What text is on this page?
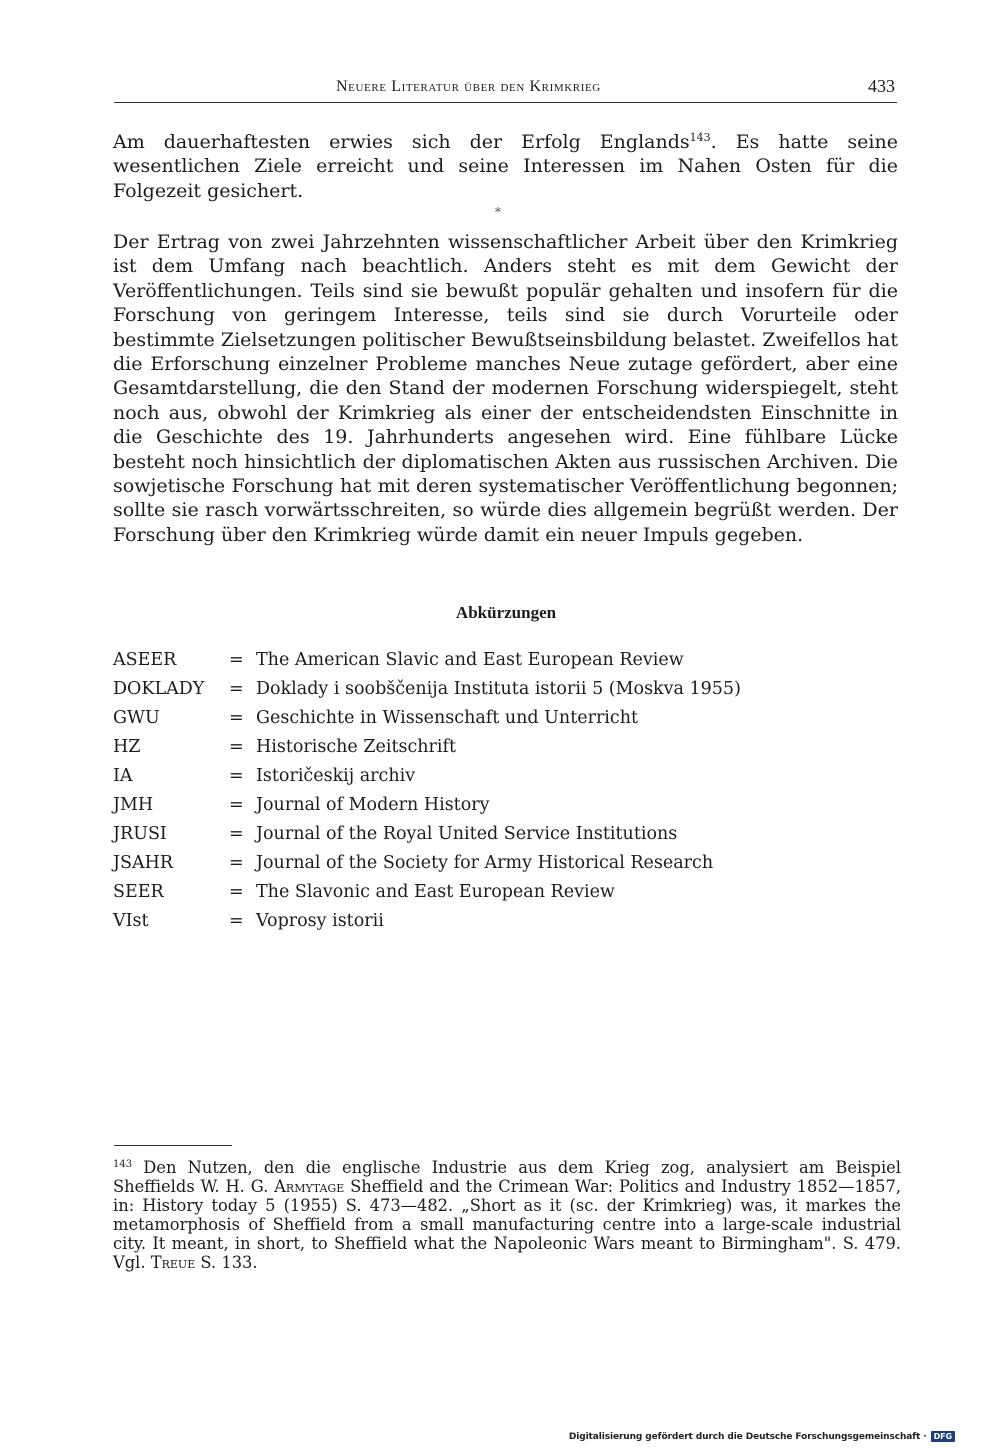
Neuere Literatur über den Krimkrieg	433

Am dauerhaftesten erwies sich der Erfolg Englands$^{143}$. Es hatte seine wesentlichen Ziele erreicht und seine Interessen im Nahen Osten für die Folgezeit gesichert.

*

Der Ertrag von zwei Jahrzehnten wissenschaftlicher Arbeit über den Krimkrieg ist dem Umfang nach beachtlich. Anders steht es mit dem Gewicht der Veröffentlichungen. Teils sind sie bewußt populär gehalten und insofern für die Forschung von geringem Interesse, teils sind sie durch Vorurteile oder bestimmte Zielsetzungen politischer Bewußtseinsbildung belastet. Zweifellos hat die Erforschung einzelner Probleme manches Neue zutage gefördert, aber eine Gesamtdarstellung, die den Stand der modernen Forschung widerspiegelt, steht noch aus, obwohl der Krimkrieg als einer der entscheidendsten Einschnitte in die Geschichte des 19. Jahrhunderts angesehen wird. Eine fühlbare Lücke besteht noch hinsichtlich der diplomatischen Akten aus russischen Archiven. Die sowjetische Forschung hat mit deren systematischer Veröffentlichung begonnen; sollte sie rasch vorwärtsschreiten, so würde dies allgemein begrüßt werden. Der Forschung über den Krimkrieg würde damit ein neuer Impuls gegeben.

Abkürzungen
ASEER	= The American Slavic and East European Review
DOKLADY = Doklady i soobščenija Instituta istorii 5 (Moskva 1955)
GWU	= Geschichte in Wissenschaft und Unterricht
HZ	= Historische Zeitschrift
IA	= Istoričeskij archiv
JMH	= Journal of Modern History
JRUSI	= Journal of the Royal United Service Institutions
JSAHR	= Journal of the Society for Army Historical Research
SEER	= The Slavonic and East European Review
VIst	= Voprosy istorii

$^{143}$ Den Nutzen, den die englische Industrie aus dem Krieg zog, analysiert am Beispiel Sheffields W. H. G. Armytage Sheffield and the Crimean War: Politics and Industry 1852—1857, in: History today 5 (1955) S. 473—482. „Short as it (sc. der Krimkrieg) was, it markes the metamorphosis of Sheffield from a small manufacturing centre into a large-scale industrial city. It meant, in short, to Sheffield what the Napoleonic Wars meant to Birmingham". S. 479. Vgl. Treue S. 133.

Digitalisierung gefördert durch die Deutsche Forschungsgemeinschaft · DFG
